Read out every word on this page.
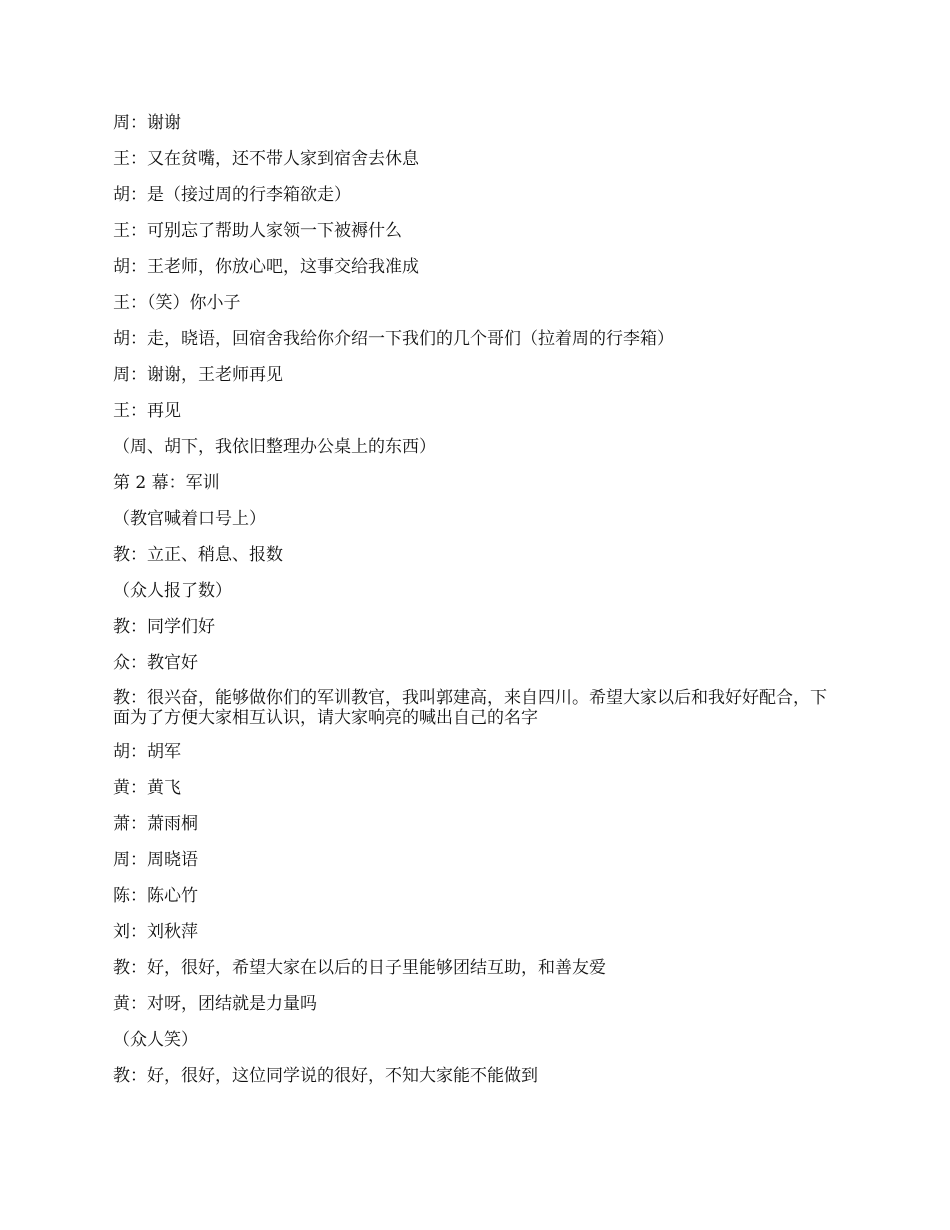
周：谢谢
王：又在贫嘴，还不带人家到宿舍去休息
胡：是（接过周的行李箱欲走）
王：可别忘了帮助人家领一下被褥什么
胡：王老师，你放心吧，这事交给我准成
王：（笑）你小子
胡：走，晓语，回宿舍我给你介绍一下我们的几个哥们（拉着周的行李箱）
周：谢谢，王老师再见
王：再见
（周、胡下，我依旧整理办公桌上的东西）
第 2 幕：军训
（教官喊着口号上）
教：立正、稍息、报数
（众人报了数）
教：同学们好
众：教官好
教：很兴奋，能够做你们的军训教官，我叫郭建高，来自四川。希望大家以后和我好好配合，下面为了方便大家相互认识，请大家响亮的喊出自己的名字
胡：胡军
黄：黄飞
萧：萧雨桐
周：周晓语
陈：陈心竹
刘：刘秋萍
教：好，很好，希望大家在以后的日子里能够团结互助，和善友爱
黄：对呀，团结就是力量吗
（众人笑）
教：好，很好，这位同学说的很好，不知大家能不能做到
